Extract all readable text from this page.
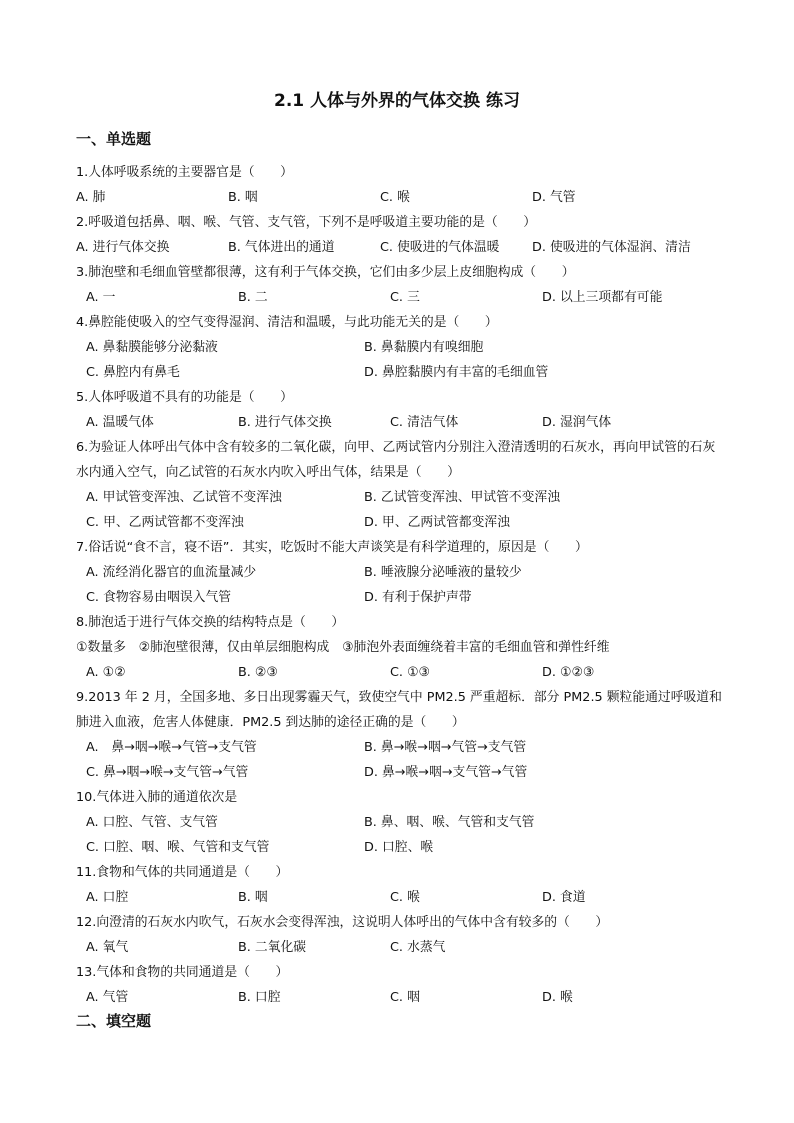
2.1 人体与外界的气体交换 练习
一、单选题
1.人体呼吸系统的主要器官是（　　）
A. 肺	B. 咽	C. 喉	D. 气管
2.呼吸道包括鼻、咽、喉、气管、支气管，下列不是呼吸道主要功能的是（　　）
A. 进行气体交换	B. 气体进出的通道	C. 使吸进的气体温暖	D. 使吸进的气体湿润、清洁
3.肺泡壁和毛细血管壁都很薄，这有利于气体交换，它们由多少层上皮细胞构成（　　）
A. 一	B. 二	C. 三	D. 以上三项都有可能
4.鼻腔能使吸入的空气变得湿润、清洁和温暖，与此功能无关的是（　　）
A. 鼻黏膜能够分泌黏液	B. 鼻黏膜内有嗅细胞
C. 鼻腔内有鼻毛	D. 鼻腔黏膜内有丰富的毛细血管
5.人体呼吸道不具有的功能是（　　）
A. 温暖气体	B. 进行气体交换	C. 清洁气体	D. 湿润气体
6.为验证人体呼出气体中含有较多的二氧化碳，向甲、乙两试管内分别注入澄清透明的石灰水，再向甲试管的石灰水内通入空气，向乙试管的石灰水内吹入呼出气体，结果是（　　）
A. 甲试管变浑浊、乙试管不变浑浊	B. 乙试管变浑浊、甲试管不变浑浊
C. 甲、乙两试管都不变浑浊	D. 甲、乙两试管都变浑浊
7.俗话说“食不言，寝不语”．其实，吃饭时不能大声谈笑是有科学道理的，原因是（　　）
A. 流经消化器官的血流量减少	B. 唾液腺分泌唾液的量较少
C. 食物容易由咽误入气管	D. 有利于保护声带
8.肺泡适于进行气体交换的结构特点是（　　）
①数量多　②肺泡壁很薄，仅由单层细胞构成　③肺泡外表面缠绕着丰富的毛细血管和弹性纤维
A. ①②	B. ②③	C. ①③	D. ①②③
9.2013 年 2 月，全国多地、多日出现雾霾天气，致使空气中 PM2.5 严重超标．部分 PM2.5 颗粒能通过呼吸道和肺进入血液，危害人体健康．PM2.5 到达肺的途径正确的是（　　）
A.　鼻→咽→喉→气管→支气管	B. 鼻→喉→咽→气管→支气管
C. 鼻→咽→喉→支气管→气管	D. 鼻→喉→咽→支气管→气管
10.气体进入肺的通道依次是
A. 口腔、气管、支气管	B. 鼻、咽、喉、气管和支气管
C. 口腔、咽、喉、气管和支气管	D. 口腔、喉
11.食物和气体的共同通道是（　　）
A. 口腔	B. 咽	C. 喉	D. 食道
12.向澄清的石灰水内吹气，石灰水会变得浑浊，这说明人体呼出的气体中含有较多的（　　）
A. 氧气	B. 二氧化碳	C. 水蒸气
13.气体和食物的共同通道是（　　）
A. 气管	B. 口腔	C. 咽	D. 喉
二、填空题
